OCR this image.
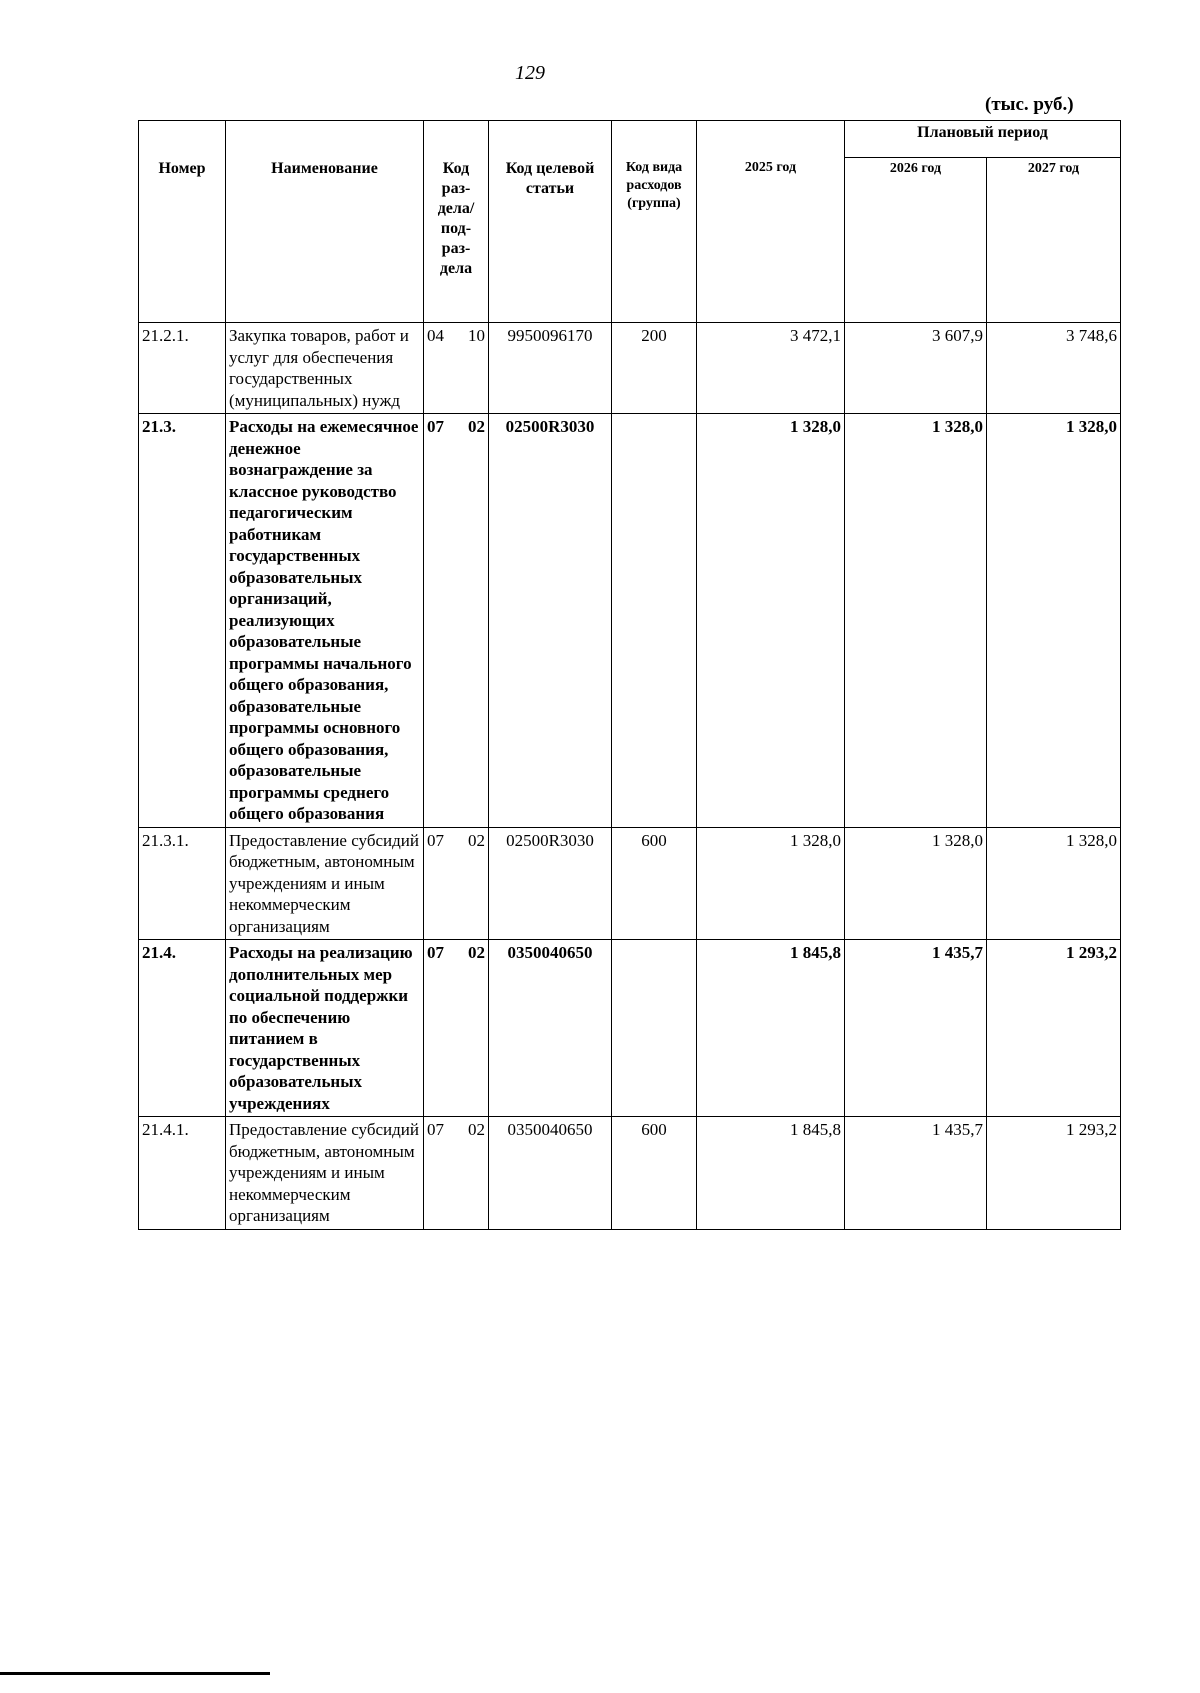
129
(тыс. руб.)
Номер	Наименование	Код раз-дела/ под-раз-дела	Код целевой статьи	Код вида расходов (группа)	2025 год	Плановый период	
						2026 год	2027 год
21.2.1.	Закупка товаров, работ и услуг для обеспечения государственных (муниципальных) нужд	04 10	9950096170	200	3 472,1	3 607,9	3 748,6
21.3.	Расходы на ежемесячное денежное вознаграждение за классное руководство педагогическим работникам государственных образовательных организаций, реализующих образовательные программы начального общего образования, образовательные программы основного общего образования, образовательные программы среднего общего образования	07 02	02500R3030		1 328,0	1 328,0	1 328,0
21.3.1.	Предоставление субсидий бюджетным, автономным учреждениям и иным некоммерческим организациям	07 02	02500R3030	600	1 328,0	1 328,0	1 328,0
21.4.	Расходы на реализацию дополнительных мер социальной поддержки по обеспечению питанием в государственных образовательных учреждениях	07 02	0350040650		1 845,8	1 435,7	1 293,2
21.4.1.	Предоставление субсидий бюджетным, автономным учреждениям и иным некоммерческим организациям	07 02	0350040650	600	1 845,8	1 435,7	1 293,2
